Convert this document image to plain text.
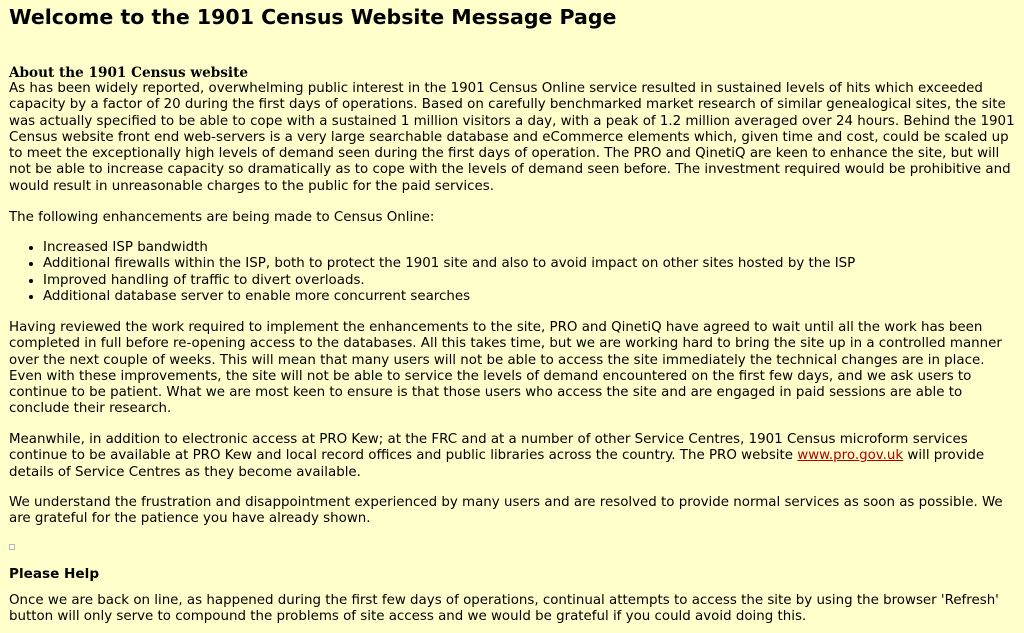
Welcome to the 1901 Census Website Message Page
About the 1901 Census website

As has been widely reported, overwhelming public interest in the 1901 Census Online service resulted in sustained levels of hits which exceeded capacity by a factor of 20 during the first days of operations. Based on carefully benchmarked market research of similar genealogical sites, the site was actually specified to be able to cope with a sustained 1 million visitors a day, with a peak of 1.2 million averaged over 24 hours. Behind the 1901 Census website front end web-servers is a very large searchable database and eCommerce elements which, given time and cost, could be scaled up to meet the exceptionally high levels of demand seen during the first days of operation. The PRO and QinetiQ are keen to enhance the site, but will not be able to increase capacity so dramatically as to cope with the levels of demand seen before. The investment required would be prohibitive and would result in unreasonable charges to the public for the paid services.

The following enhancements are being made to Census Online:

• Increased ISP bandwidth
• Additional firewalls within the ISP, both to protect the 1901 site and also to avoid impact on other sites hosted by the ISP
• Improved handling of traffic to divert overloads.
• Additional database server to enable more concurrent searches

Having reviewed the work required to implement the enhancements to the site, PRO and QinetiQ have agreed to wait until all the work has been completed in full before re-opening access to the databases. All this takes time, but we are working hard to bring the site up in a controlled manner over the next couple of weeks. This will mean that many users will not be able to access the site immediately the technical changes are in place. Even with these improvements, the site will not be able to service the levels of demand encountered on the first few days, and we ask users to continue to be patient. What we are most keen to ensure is that those users who access the site and are engaged in paid sessions are able to conclude their research.

Meanwhile, in addition to electronic access at PRO Kew; at the FRC and at a number of other Service Centres, 1901 Census microform services continue to be available at PRO Kew and local record offices and public libraries across the country. The PRO website www.pro.gov.uk will provide details of Service Centres as they become available.

We understand the frustration and disappointment experienced by many users and are resolved to provide normal services as soon as possible. We are grateful for the patience you have already shown.

Please Help

Once we are back on line, as happened during the first few days of operations, continual attempts to access the site by using the browser 'Refresh' button will only serve to compound the problems of site access and we would be grateful if you could avoid doing this.
